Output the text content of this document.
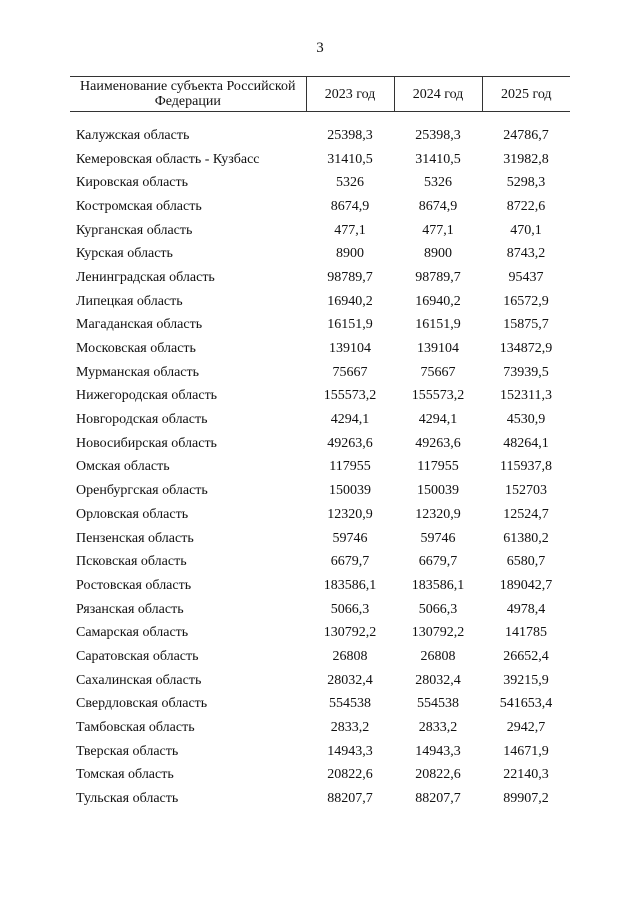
3
Наименование субъекта Российской Федерации	2023 год	2024 год	2025 год

Калужская область	25398,3	25398,3	24786,7
Кемеровская область - Кузбасс	31410,5	31410,5	31982,8
Кировская область	5326	5326	5298,3
Костромская область	8674,9	8674,9	8722,6
Курганская область	477,1	477,1	470,1
Курская область	8900	8900	8743,2
Ленинградская область	98789,7	98789,7	95437
Липецкая область	16940,2	16940,2	16572,9
Магаданская область	16151,9	16151,9	15875,7
Московская область	139104	139104	134872,9
Мурманская область	75667	75667	73939,5
Нижегородская область	155573,2	155573,2	152311,3
Новгородская область	4294,1	4294,1	4530,9
Новосибирская область	49263,6	49263,6	48264,1
Омская область	117955	117955	115937,8
Оренбургская область	150039	150039	152703
Орловская область	12320,9	12320,9	12524,7
Пензенская область	59746	59746	61380,2
Псковская область	6679,7	6679,7	6580,7
Ростовская область	183586,1	183586,1	189042,7
Рязанская область	5066,3	5066,3	4978,4
Самарская область	130792,2	130792,2	141785
Саратовская область	26808	26808	26652,4
Сахалинская область	28032,4	28032,4	39215,9
Свердловская область	554538	554538	541653,4
Тамбовская область	2833,2	2833,2	2942,7
Тверская область	14943,3	14943,3	14671,9
Томская область	20822,6	20822,6	22140,3
Тульская область	88207,7	88207,7	89907,2
